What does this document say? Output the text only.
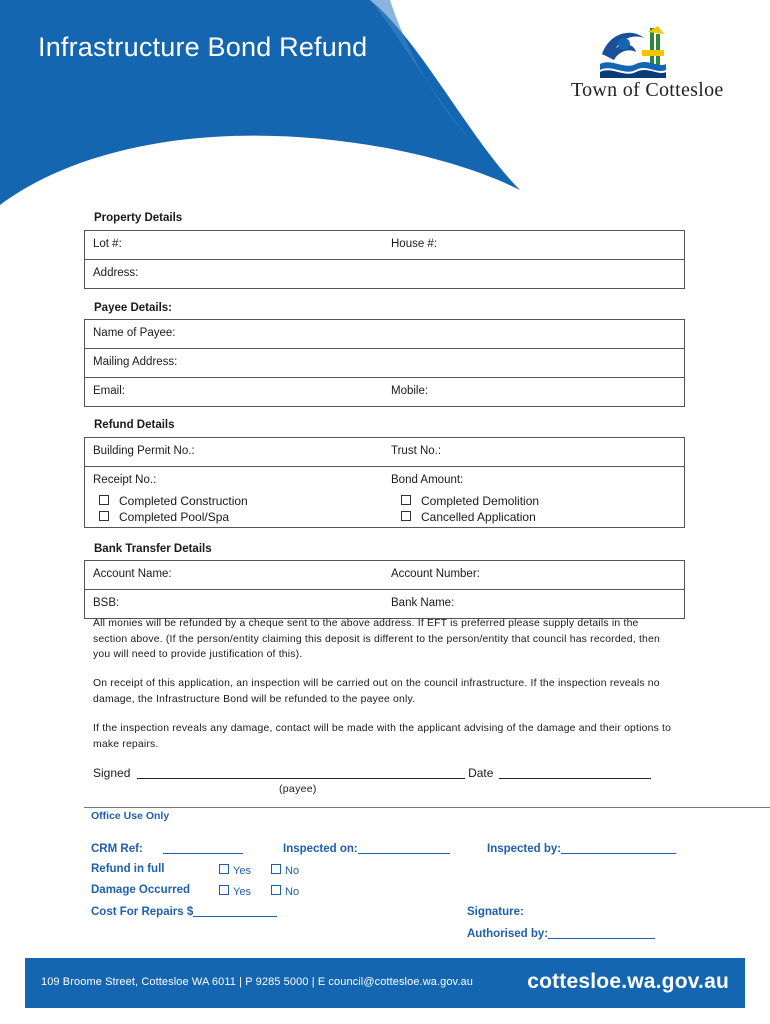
Infrastructure Bond Refund
Town of Cottesloe
Property Details
Lot #:	House #:
Address:
Payee Details:
Name of Payee:
Mailing Address:
Email:	Mobile:
Refund Details
Building Permit No.:	Trust No.:
Receipt No.:	Bond Amount:
Completed Construction
Completed Pool/Spa
Completed Demolition
Cancelled Application
Bank Transfer Details
Account Name:	Account Number:
BSB:	Bank Name:
All monies will be refunded by a cheque sent to the above address. If EFT is preferred please supply details in the section above. (If the person/entity claiming this deposit is different to the person/entity that council has recorded, then you will need to provide justification of this).
On receipt of this application, an inspection will be carried out on the council infrastructure. If the inspection reveals no damage, the Infrastructure Bond will be refunded to the payee only.
If the inspection reveals any damage, contact will be made with the applicant advising of the damage and their options to make repairs.
Signed	Date
(payee)
Office Use Only
CRM Ref:	Inspected on:	Inspected by:
Refund in full	Yes	No
Damage Occurred	Yes	No
Cost For Repairs $	Signature:
Authorised by:
109 Broome Street, Cottesloe WA 6011 | P 9285 5000 | E council@cottesloe.wa.gov.au	cottesloe.wa.gov.au
